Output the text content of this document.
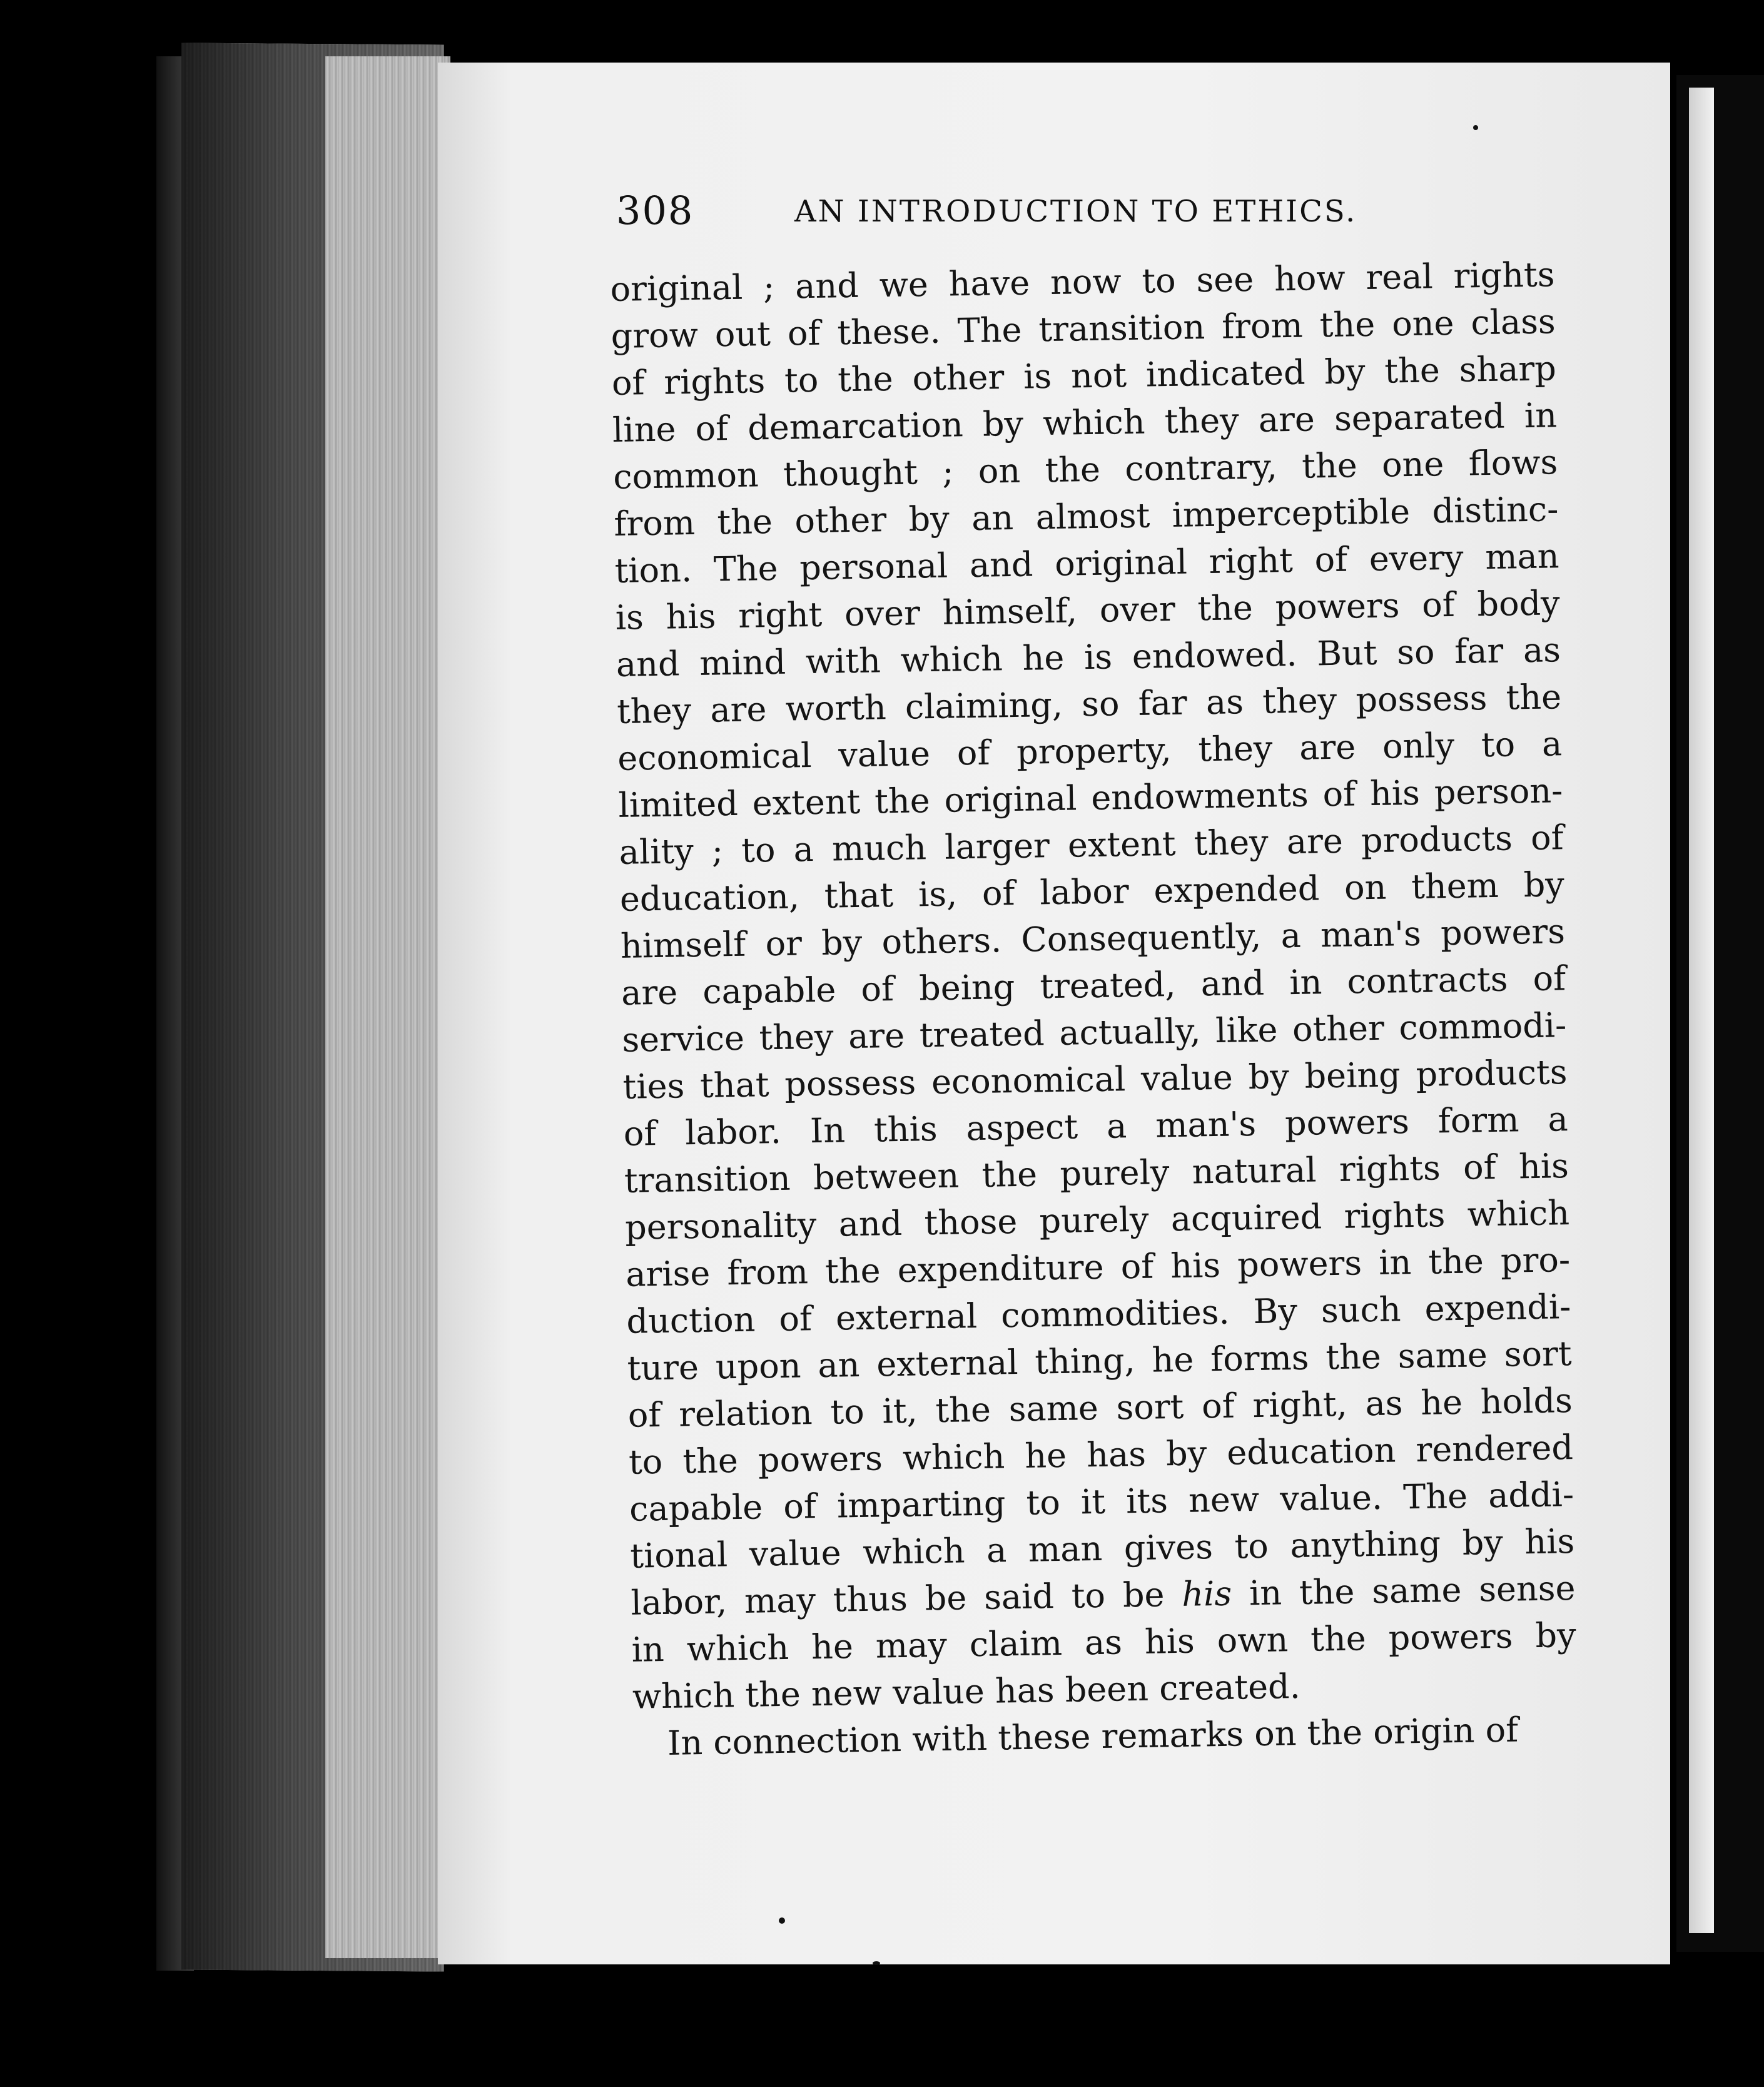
308	AN INTRODUCTION TO ETHICS.
original ; and we have now to see how real rights
grow out of these. The transition from the one class
of rights to the other is not indicated by the sharp
line of demarcation by which they are separated in
common thought ; on the contrary, the one flows
from the other by an almost imperceptible distinc-
tion. The personal and original right of every man
is his right over himself, over the powers of body
and mind with which he is endowed. But so far as
they are worth claiming, so far as they possess the
economical value of property, they are only to a
limited extent the original endowments of his person-
ality ; to a much larger extent they are products of
education, that is, of labor expended on them by
himself or by others. Consequently, a man's powers
are capable of being treated, and in contracts of
service they are treated actually, like other commodi-
ties that possess economical value by being products
of labor. In this aspect a man's powers form a
transition between the purely natural rights of his
personality and those purely acquired rights which
arise from the expenditure of his powers in the pro-
duction of external commodities. By such expendi-
ture upon an external thing, he forms the same sort
of relation to it, the same sort of right, as he holds
to the powers which he has by education rendered
capable of imparting to it its new value. The addi-
tional value which a man gives to anything by his
labor, may thus be said to be his in the same sense
in which he may claim as his own the powers by
which the new value has been created.
In connection with these remarks on the origin of
